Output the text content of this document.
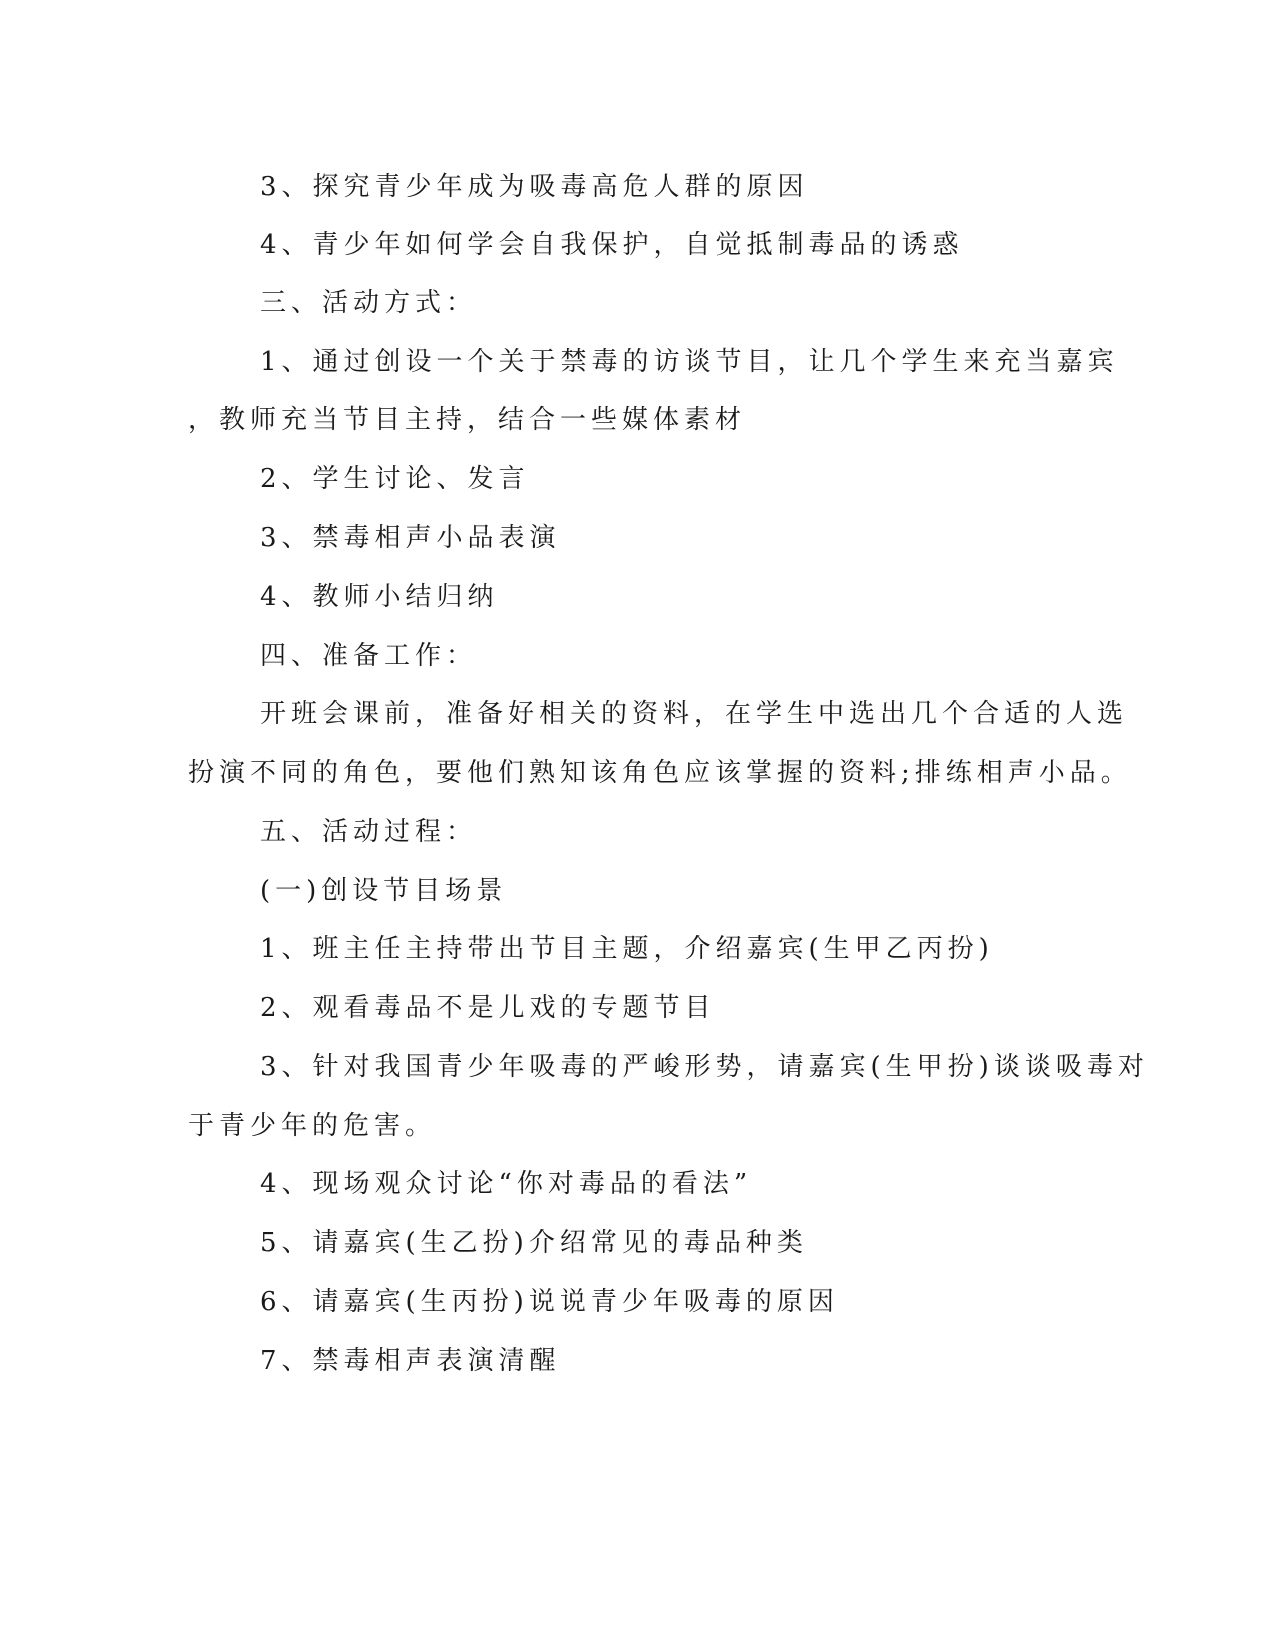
3、探究青少年成为吸毒高危人群的原因
4、青少年如何学会自我保护，自觉抵制毒品的诱惑
三、活动方式：
1、通过创设一个关于禁毒的访谈节目，让几个学生来充当嘉宾
，教师充当节目主持，结合一些媒体素材
2、学生讨论、发言
3、禁毒相声小品表演
4、教师小结归纳
四、准备工作：
开班会课前，准备好相关的资料，在学生中选出几个合适的人选
扮演不同的角色，要他们熟知该角色应该掌握的资料;排练相声小品。
五、活动过程：
(一)创设节目场景
1、班主任主持带出节目主题，介绍嘉宾(生甲乙丙扮)
2、观看毒品不是儿戏的专题节目
3、针对我国青少年吸毒的严峻形势，请嘉宾(生甲扮)谈谈吸毒对
于青少年的危害。
4、现场观众讨论“你对毒品的看法”
5、请嘉宾(生乙扮)介绍常见的毒品种类
6、请嘉宾(生丙扮)说说青少年吸毒的原因
7、禁毒相声表演清醒
